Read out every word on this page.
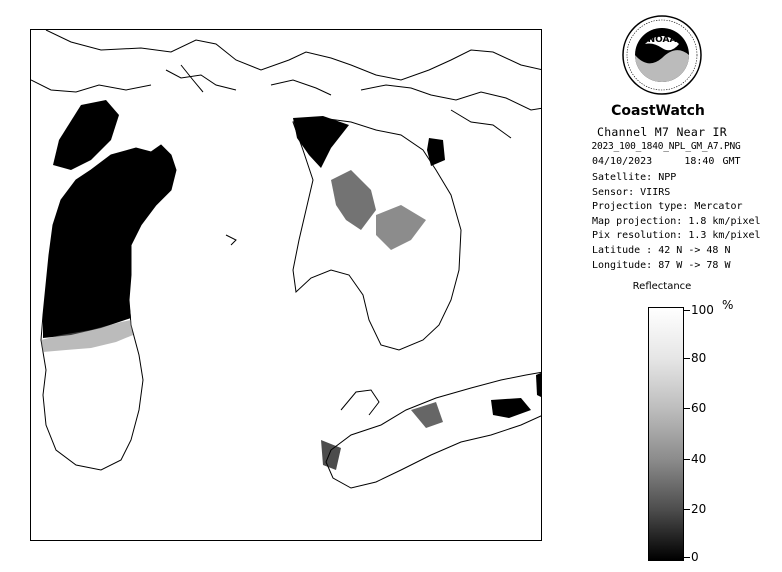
NOAA
CoastWatch
Channel M7 Near IR
2023_100_1840_NPL_GM_A7.PNG
04/10/2023	18:40 GMT
Satellite: NPP
Sensor: VIIRS
Projection type: Mercator
Map projection: 1.8 km/pixel
Pix resolution: 1.3 km/pixel
Latitude : 42 N -> 48 N
Longitude: 87 W -> 78 W
Reflectance
%
100
80
60
40
20
0
